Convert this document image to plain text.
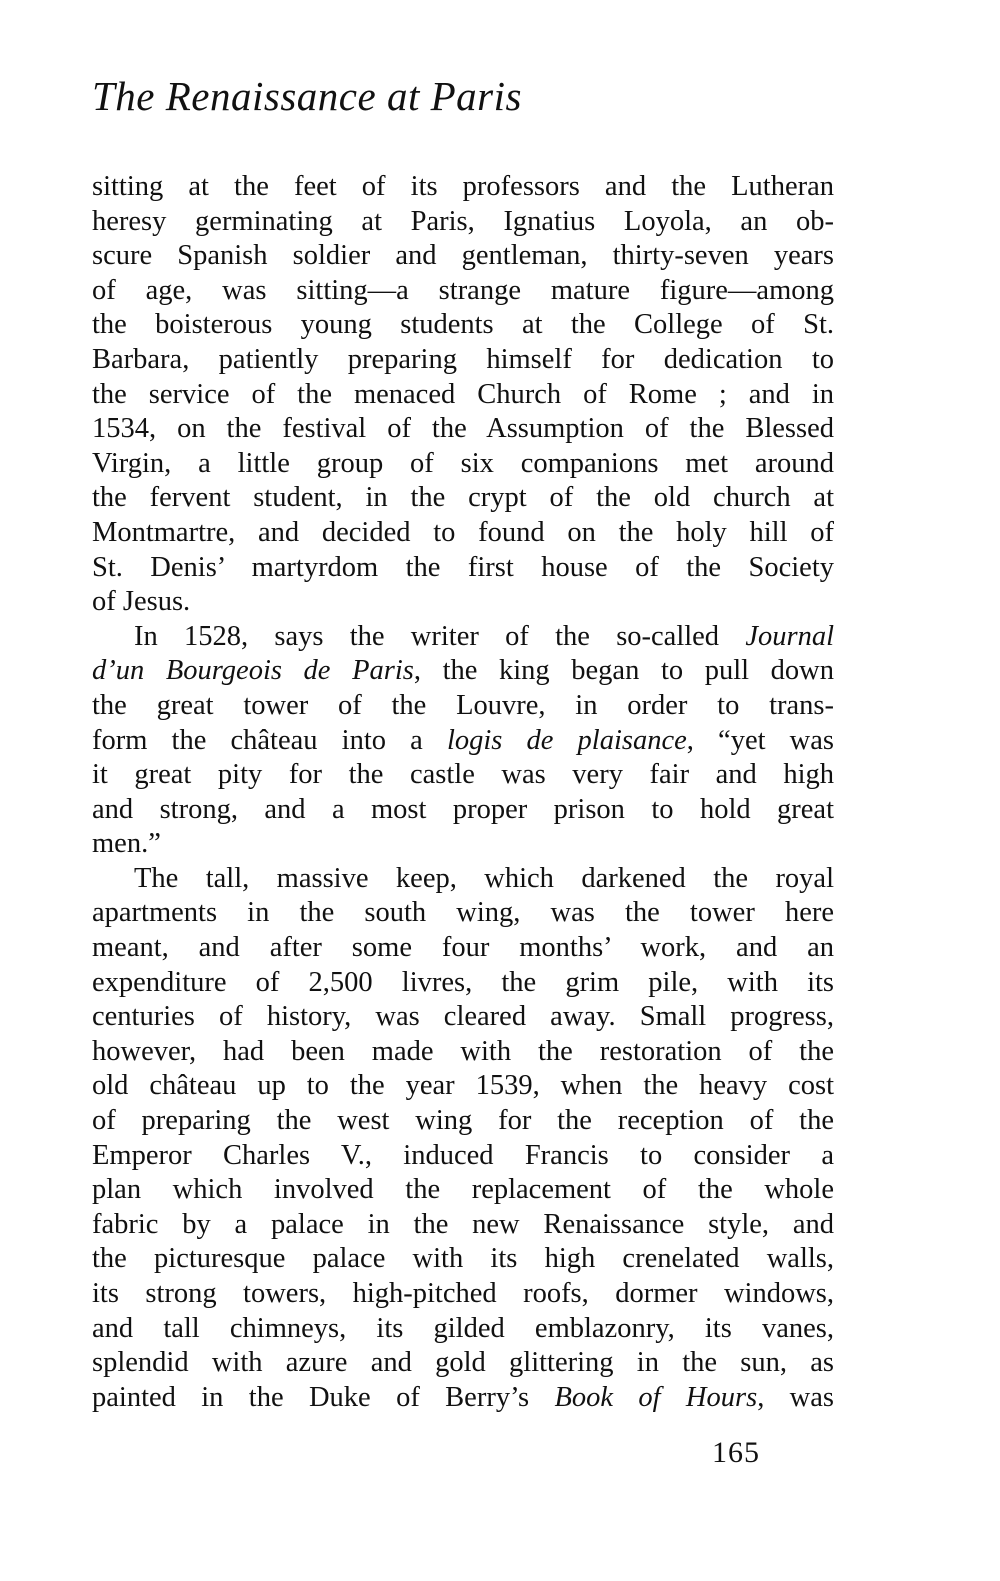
The Renaissance at Paris
sitting at the feet of its professors and the Lutheran
heresy germinating at Paris, Ignatius Loyola, an ob-
scure Spanish soldier and gentleman, thirty-seven years
of age, was sitting—a strange mature figure—among
the boisterous young students at the College of St.
Barbara, patiently preparing himself for dedication to
the service of the menaced Church of Rome ; and in
1534, on the festival of the Assumption of the Blessed
Virgin, a little group of six companions met around
the fervent student, in the crypt of the old church at
Montmartre, and decided to found on the holy hill of
St. Denis’ martyrdom the first house of the Society
of Jesus.
In 1528, says the writer of the so-called Journal
d’un Bourgeois de Paris, the king began to pull down
the great tower of the Louvre, in order to trans-
form the château into a logis de plaisance, “yet was
it great pity for the castle was very fair and high
and strong, and a most proper prison to hold great
men.”
The tall, massive keep, which darkened the royal
apartments in the south wing, was the tower here
meant, and after some four months’ work, and an
expenditure of 2,500 livres, the grim pile, with its
centuries of history, was cleared away. Small progress,
however, had been made with the restoration of the
old château up to the year 1539, when the heavy cost
of preparing the west wing for the reception of the
Emperor Charles V., induced Francis to consider a
plan which involved the replacement of the whole
fabric by a palace in the new Renaissance style, and
the picturesque palace with its high crenelated walls,
its strong towers, high-pitched roofs, dormer windows,
and tall chimneys, its gilded emblazonry, its vanes,
splendid with azure and gold glittering in the sun, as
painted in the Duke of Berry’s Book of Hours, was
165
